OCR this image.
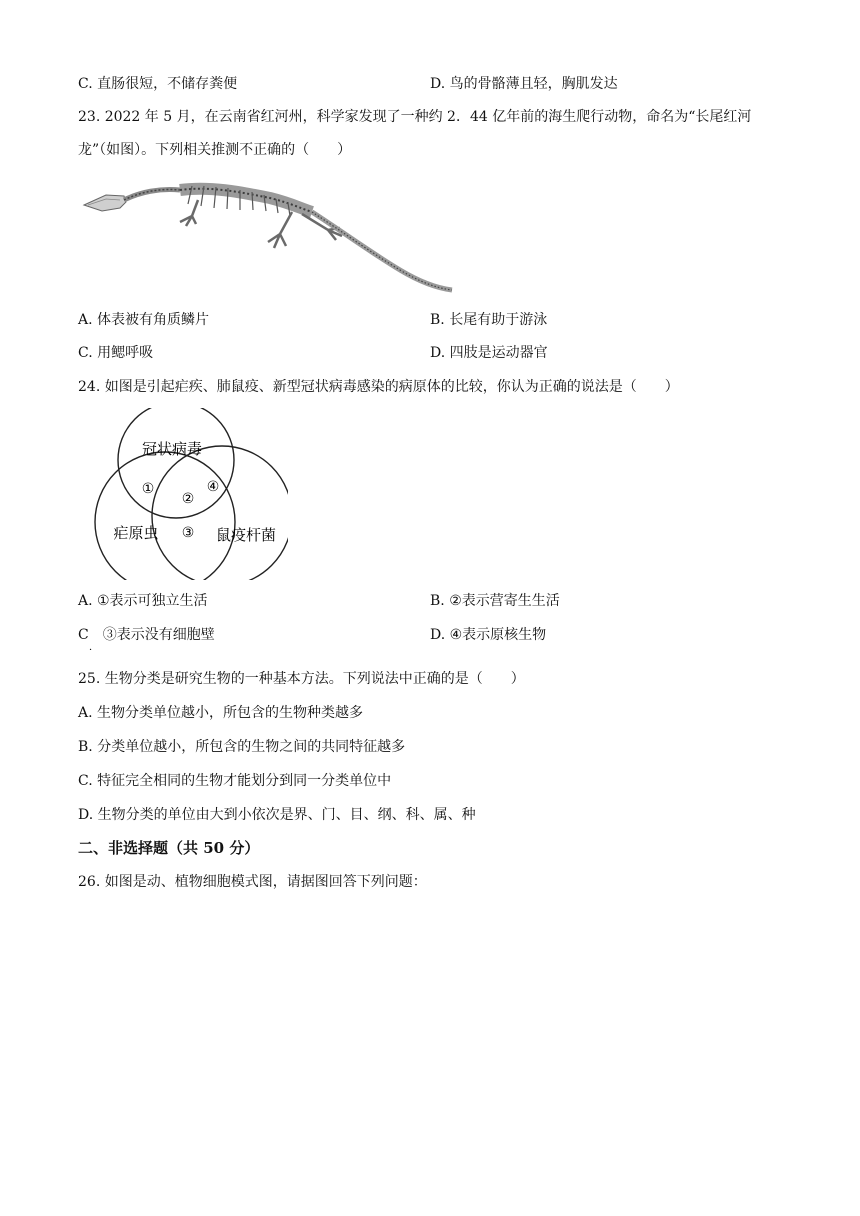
C. 直肠很短，不储存粪便	D. 鸟的骨骼薄且轻，胸肌发达
23. 2022 年 5 月，在云南省红河州，科学家发现了一种约 2．44 亿年前的海生爬行动物，命名为“长尾红河
龙”（如图）。下列相关推测不正确的（　　）
A. 体表被有角质鳞片	B. 长尾有助于游泳
C. 用鳃呼吸	D. 四肢是运动器官
24. 如图是引起疟疾、肺鼠疫、新型冠状病毒感染的病原体的比较，你认为正确的说法是（　　）
冠状病毒
疟原虫	鼠疫杆菌
①
②
③
④
A. ①表示可独立生活	B. ②表示营寄生生活
C　③表示没有细胞壁
．
D. ④表示原核生物
25. 生物分类是研究生物的一种基本方法。下列说法中正确的是（　　）
A. 生物分类单位越小，所包含的生物种类越多
B. 分类单位越小，所包含的生物之间的共同特征越多
C. 特征完全相同的生物才能划分到同一分类单位中
D. 生物分类的单位由大到小依次是界、门、目、纲、科、属、种
二、非选择题（共 50 分）
26. 如图是动、植物细胞模式图，请据图回答下列问题：
